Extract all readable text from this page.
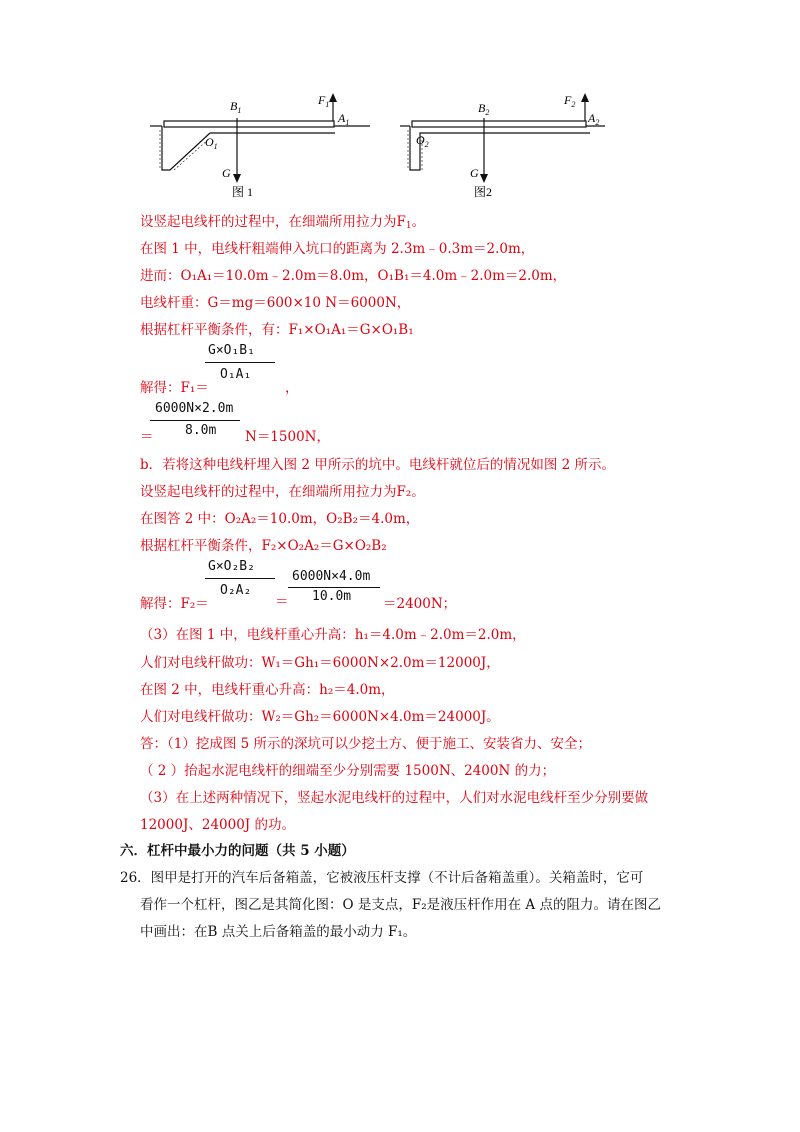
$B_1$
$O_1$
$A_1$
$F_1$
G
图 1
$B_2$
$O_2$
$A_2$
$F_2$
G
图2
设竖起电线杆的过程中，在细端所用拉力为$F_1$。
在图 1 中，电线杆粗端伸入坑口的距离为 2.3m﹣0.3m＝2.0m，
进而：O₁A₁＝10.0m﹣2.0m＝8.0m，O₁B₁＝4.0m﹣2.0m＝2.0m，
电线杆重：G＝mg＝600×10 N＝6000N，
根据杠杆平衡条件，有：F₁×O₁A₁＝G×O₁B₁
G×O₁B₁
O₁A₁
解得：F₁＝	，
6000N×2.0m
8.0m
＝	N＝1500N，
b．若将这种电线杆埋入图 2 甲所示的坑中。电线杆就位后的情况如图 2 所示。
设竖起电线杆的过程中，在细端所用拉力为F₂。
在图答 2 中：O₂A₂＝10.0m，O₂B₂＝4.0m，
根据杠杆平衡条件，F₂×O₂A₂＝G×O₂B₂
G×O₂B₂
O₂A₂
解得：F₂＝	＝
6000N×4.0m
10.0m ＝2400N；
（3）在图 1 中，电线杆重心升高：h₁＝4.0m﹣2.0m＝2.0m，
人们对电线杆做功：W₁＝Gh₁＝6000N×2.0m＝12000J，
在图 2 中，电线杆重心升高：h₂＝4.0m，
人们对电线杆做功：W₂＝Gh₂＝6000N×4.0m＝24000J。
答：（1）挖成图 5 所示的深坑可以少挖土方、便于施工、安装省力、安全；
（ 2 ）抬起水泥电线杆的细端至少分别需要 1500N、2400N 的力；
（3）在上述两种情况下，竖起水泥电线杆的过程中，人们对水泥电线杆至少分别要做
12000J、24000J 的功。
六．杠杆中最小力的问题（共 5 小题）
26．图甲是打开的汽车后备箱盖，它被液压杆支撑（不计后备箱盖重）。关箱盖时，它可
看作一个杠杆，图乙是其简化图：O 是支点，F₂是液压杆作用在 A 点的阻力。请在图乙
中画出：在B 点关上后备箱盖的最小动力 F₁。
